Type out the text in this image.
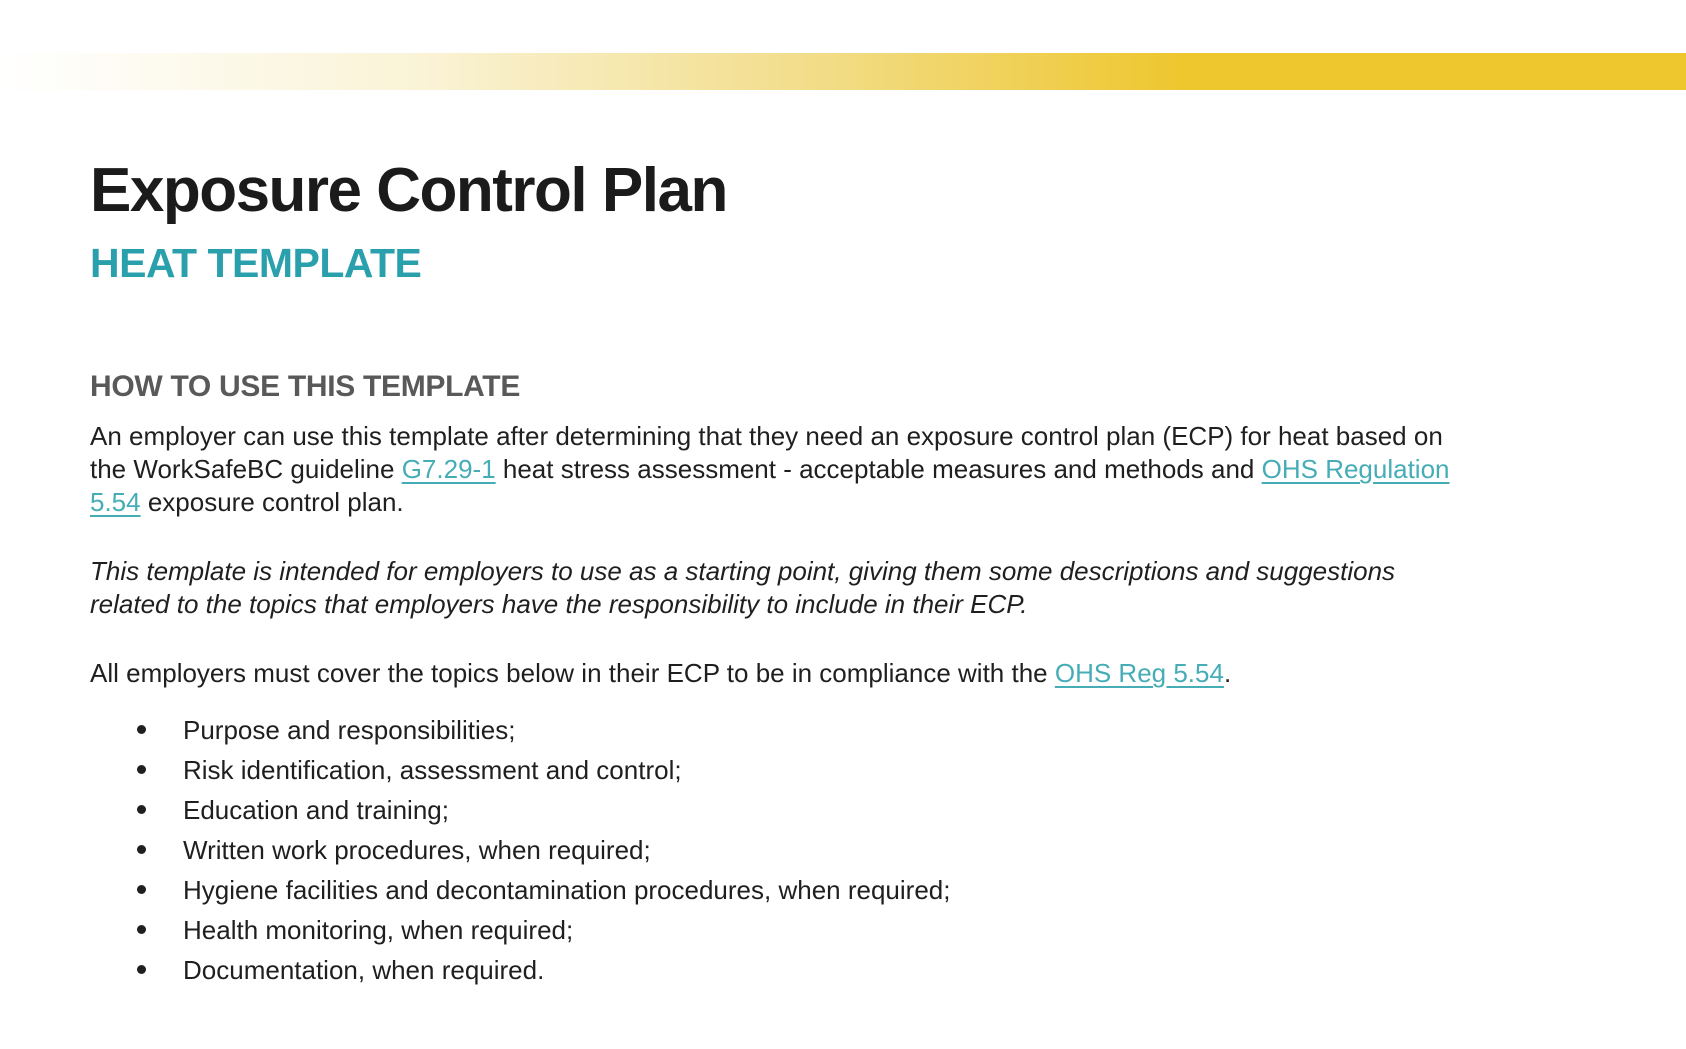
Exposure Control Plan
HEAT TEMPLATE
HOW TO USE THIS TEMPLATE

An employer can use this template after determining that they need an exposure control plan (ECP) for heat based on the WorkSafeBC guideline G7.29-1 heat stress assessment - acceptable measures and methods and OHS Regulation 5.54 exposure control plan.

This template is intended for employers to use as a starting point, giving them some descriptions and suggestions related to the topics that employers have the responsibility to include in their ECP.

All employers must cover the topics below in their ECP to be in compliance with the OHS Reg 5.54.

Purpose and responsibilities;
Risk identification, assessment and control;
Education and training;
Written work procedures, when required;
Hygiene facilities and decontamination procedures, when required;
Health monitoring, when required;
Documentation, when required.
